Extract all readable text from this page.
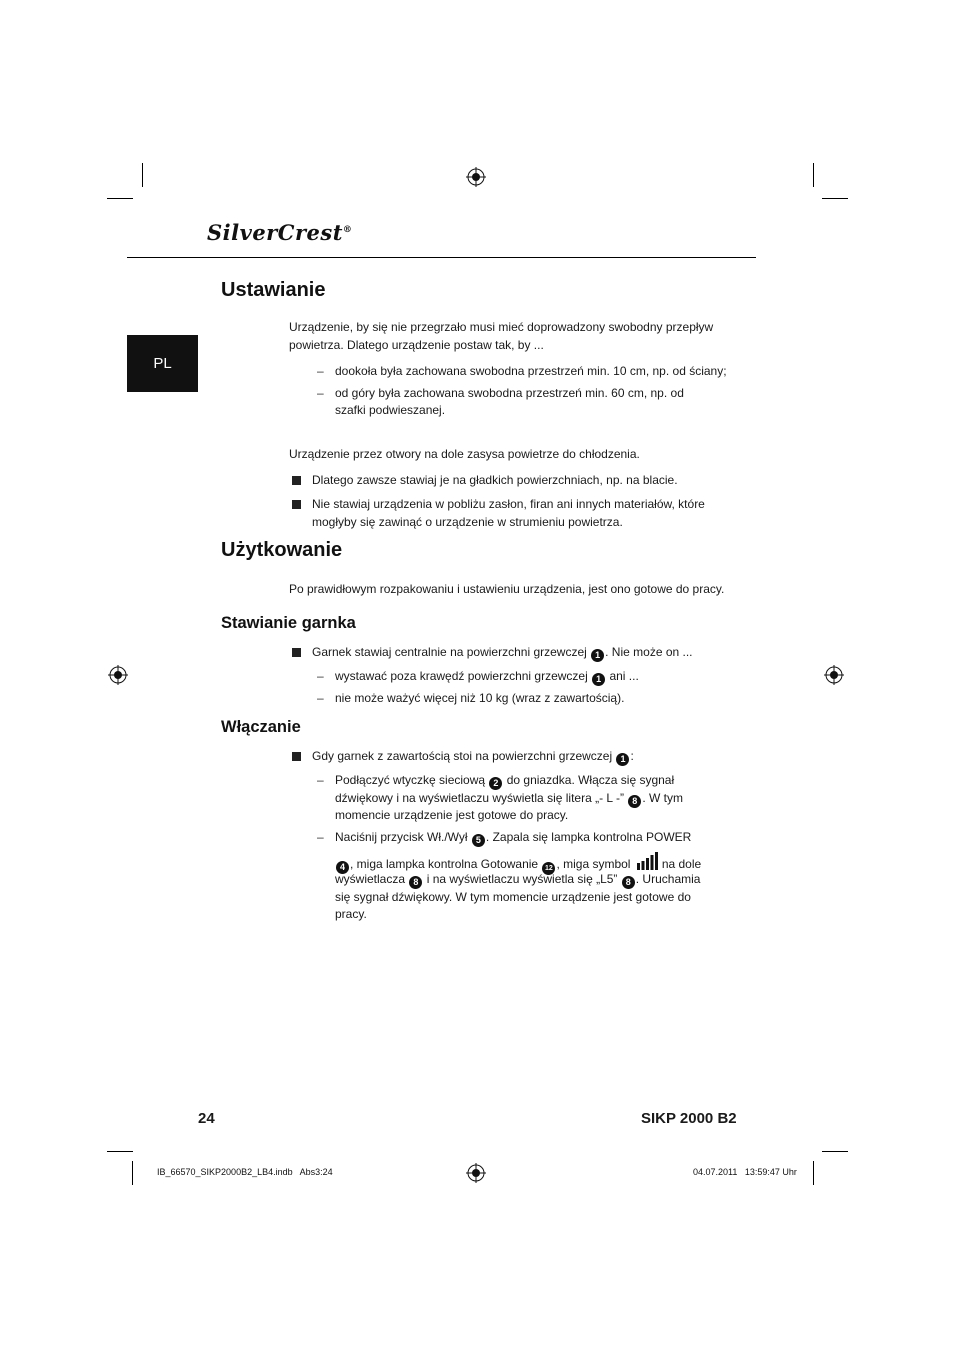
SilverCrest®
PL
Ustawianie
Urządzenie, by się nie przegrzało musi mieć doprowadzony swobodny przepływ
powietrza. Dlatego urządzenie postaw tak, by ...
– dookoła była zachowana swobodna przestrzeń min. 10 cm, np. od ściany;
– od góry była zachowana swobodna przestrzeń min. 60 cm, np. od
szafki podwieszanej.
Urządzenie przez otwory na dole zasysa powietrze do chłodzenia.
Dlatego zawsze stawiaj je na gładkich powierzchniach, np. na blacie.
Nie stawiaj urządzenia w pobliżu zasłon, firan ani innych materiałów, które
mogłyby się zawinąć o urządzenie w strumieniu powietrza.
Użytkowanie
Po prawidłowym rozpakowaniu i ustawieniu urządzenia, jest ono gotowe do pracy.
Stawianie garnka
Garnek stawiaj centralnie na powierzchni grzewczej 1 . Nie może on ...
– wystawać poza krawędź powierzchni grzewczej 1 ani ...
– nie może ważyć więcej niż 10 kg (wraz z zawartością).
Włączanie
Gdy garnek z zawartością stoi na powierzchni grzewczej 1 :
– Podłączyć wtyczkę sieciową 2 do gniazdka. Włącza się sygnał
dźwiękowy i na wyświetlaczu wyświetla się litera „- L -” 8 . W tym
momencie urządzenie jest gotowe do pracy.
– Naciśnij przycisk Wł./Wył 5 . Zapala się lampka kontrolna POWER
4 , miga lampka kontrolna Gotowanie 12 , miga symbol	na dole
wyświetlacza 8 i na wyświetlaczu wyświetla się „L5” 8 . Uruchamia
się sygnał dźwiękowy. W tym momencie urządzenie jest gotowe do
pracy.
24	SIKP 2000 B2
IB_66570_SIKP2000B2_LB4.indb   Abs3:24	04.07.2011   13:59:47 Uhr
